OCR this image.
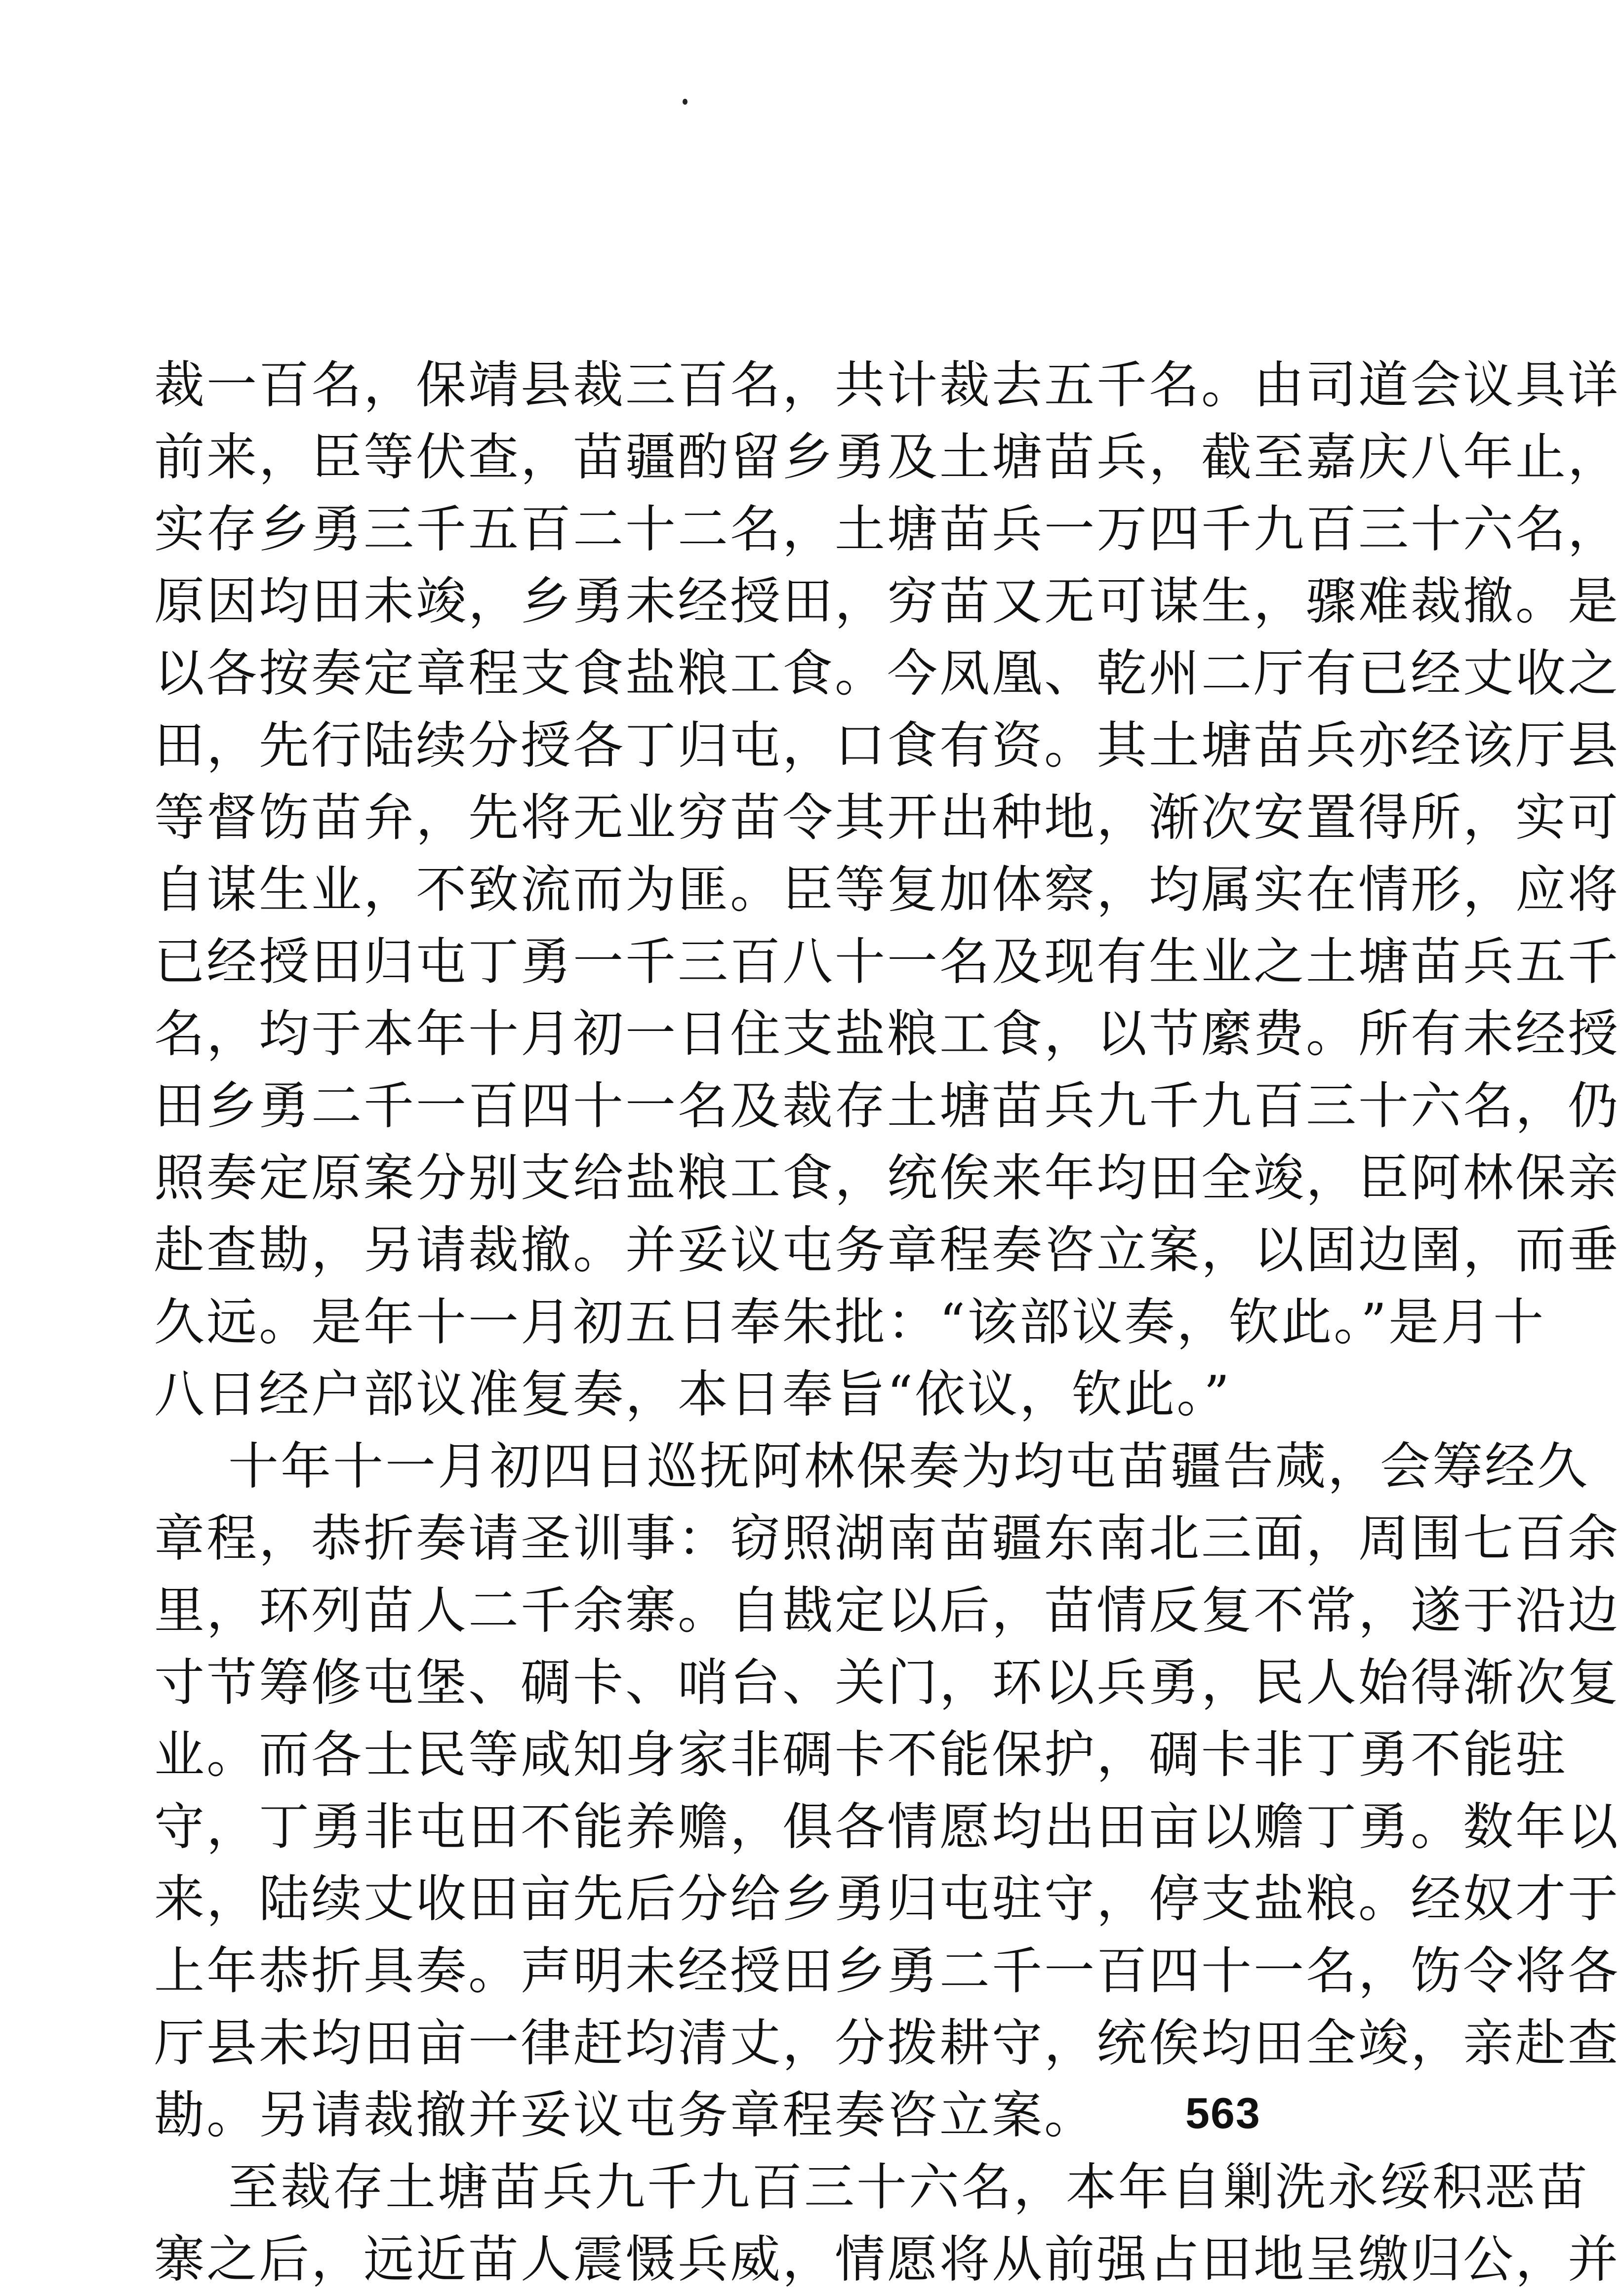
裁一百名，保靖县裁三百名，共计裁去五千名。由司道会议具详
前来，臣等伏查，苗疆酌留乡勇及土塘苗兵，截至嘉庆八年止，
实存乡勇三千五百二十二名，土塘苗兵一万四千九百三十六名，
原因均田未竣，乡勇未经授田，穷苗又无可谋生，骤难裁撤。是
以各按奏定章程支食盐粮工食。今凤凰、乾州二厅有已经丈收之
田，先行陆续分授各丁归屯，口食有资。其土塘苗兵亦经该厅县
等督饬苗弁，先将无业穷苗令其开出种地，渐次安置得所，实可
自谋生业，不致流而为匪。臣等复加体察，均属实在情形，应将
已经授田归屯丁勇一千三百八十一名及现有生业之土塘苗兵五千
名，均于本年十月初一日住支盐粮工食，以节縻费。所有未经授
田乡勇二千一百四十一名及裁存土塘苗兵九千九百三十六名，仍
照奏定原案分别支给盐粮工食，统俟来年均田全竣，臣阿林保亲
赴查勘，另请裁撤。并妥议屯务章程奏咨立案，以固边圉，而垂
久远。是年十一月初五日奉朱批：“该部议奏，钦此。”是月十
八日经户部议准复奏，本日奉旨“依议，钦此。”
十年十一月初四日巡抚阿林保奏为均屯苗疆告蒇，会筹经久
章程，恭折奏请圣训事：窃照湖南苗疆东南北三面，周围七百余
里，环列苗人二千余寨。自戡定以后，苗情反复不常，遂于沿边
寸节筹修屯堡、碉卡、哨台、关门，环以兵勇，民人始得渐次复
业。而各士民等咸知身家非碉卡不能保护，碉卡非丁勇不能驻
守，丁勇非屯田不能养赡，俱各情愿均出田亩以赡丁勇。数年以
来，陆续丈收田亩先后分给乡勇归屯驻守，停支盐粮。经奴才于
上年恭折具奏。声明未经授田乡勇二千一百四十一名，饬令将各
厅县未均田亩一律赶均清丈，分拨耕守，统俟均田全竣，亲赴查
勘。另请裁撤并妥议屯务章程奏咨立案。
至裁存土塘苗兵九千九百三十六名，本年自剿洗永绥积恶苗
寨之后，远近苗人震慑兵威，情愿将从前强占田地呈缴归公，并
563
